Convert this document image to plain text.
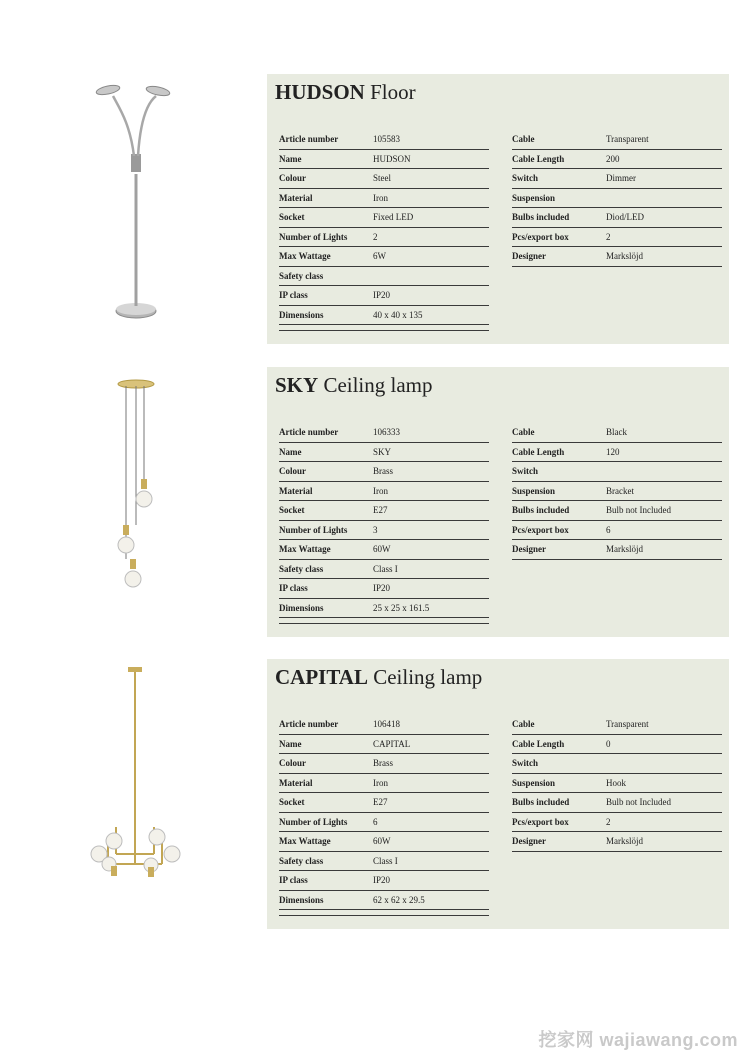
HUDSON Floor
Article number	105583
Name	HUDSON
Colour	Steel
Material	Iron
Socket	Fixed LED
Number of Lights	2
Max Wattage	6W
Safety class
IP class	IP20
Dimensions	40 x 40 x 135
Cable	Transparent
Cable Length	200
Switch	Dimmer
Suspension
Bulbs included	Diod/LED
Pcs/export box	2
Designer	Markslöjd
SKY Ceiling lamp
Article number	106333
Name	SKY
Colour	Brass
Material	Iron
Socket	E27
Number of Lights	3
Max Wattage	60W
Safety class	Class I
IP class	IP20
Dimensions	25 x 25 x 161.5
Cable	Black
Cable Length	120
Switch
Suspension	Bracket
Bulbs included	Bulb not Included
Pcs/export box	6
Designer	Markslöjd
CAPITAL Ceiling lamp
Article number	106418
Name	CAPITAL
Colour	Brass
Material	Iron
Socket	E27
Number of Lights	6
Max Wattage	60W
Safety class	Class I
IP class	IP20
Dimensions	62 x 62 x 29.5
Cable	Transparent
Cable Length	0
Switch
Suspension	Hook
Bulbs included	Bulb not Included
Pcs/export box	2
Designer	Markslöjd
挖家网 wajiawang.com
